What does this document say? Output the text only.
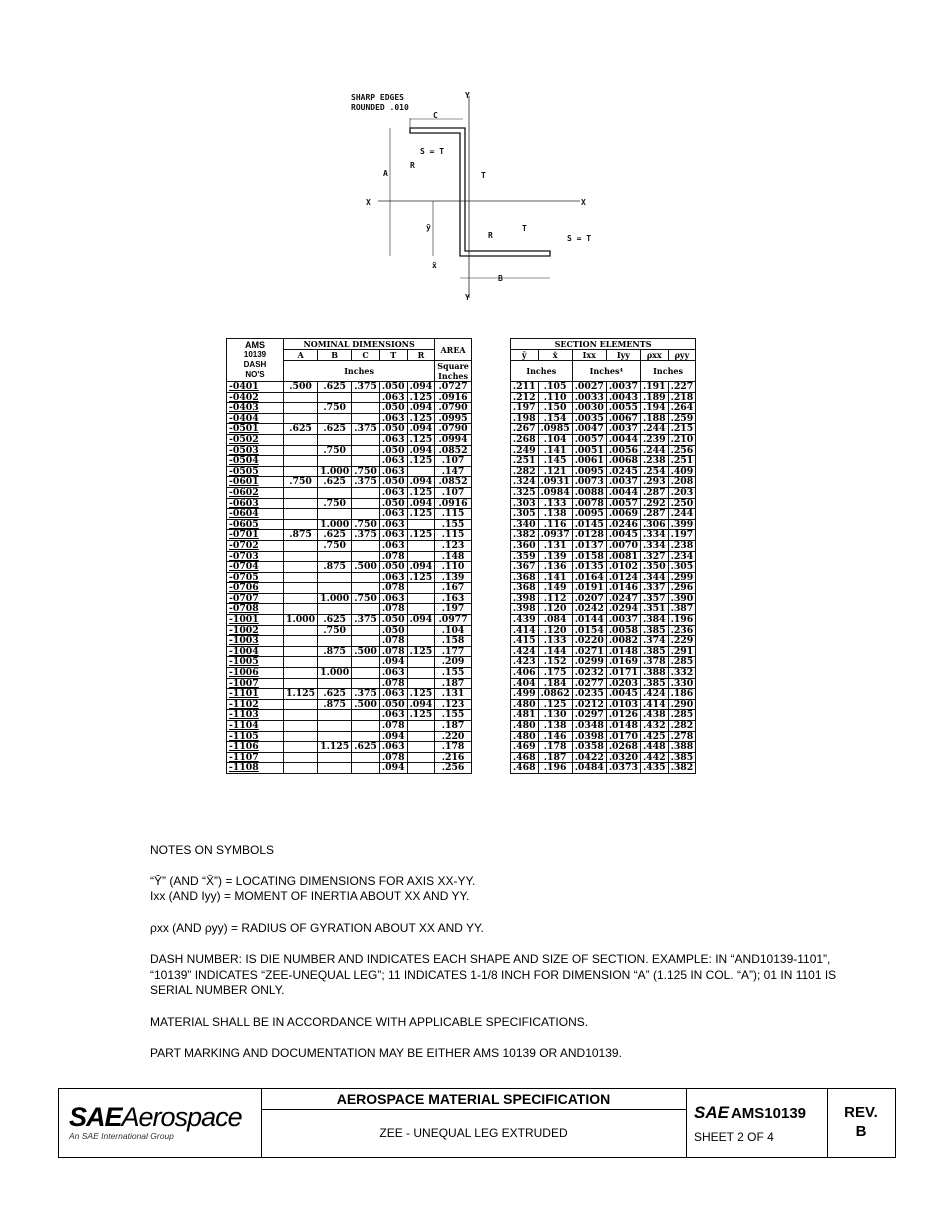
SHARP EDGES
ROUNDED .010
Y
Y
X	X
C
S = T
R
A	T
ȳ
R
T
S = T
x̄
B
AMS
10139
DASH
NO'S	NOMINAL DIMENSIONS					AREA		SECTION ELEMENTS					
	A	B	C	T	R			ȳ	x̄	Ixx	Iyy	ρxx	ρyy
	Inches					Square
Inches		Inches		Inches⁴		Inches	
-0401	.500	.625	.375	.050	.094	.0727		.211	.105	.0027	.0037	.191	.227
-0402				.063	.125	.0916		.212	.110	.0033	.0043	.189	.218
-0403		.750		.050	.094	.0790		.197	.150	.0030	.0055	.194	.264
-0404				.063	.125	.0995		.198	.154	.0035	.0067	.188	.259
-0501	.625	.625	.375	.050	.094	.0790		.267	.0985	.0047	.0037	.244	.215
-0502				.063	.125	.0994		.268	.104	.0057	.0044	.239	.210
-0503		.750		.050	.094	.0852		.249	.141	.0051	.0056	.244	.256
-0504				.063	.125	.107		.251	.145	.0061	.0068	.238	.251
-0505		1.000	.750	.063		.147		.282	.121	.0095	.0245	.254	.409
-0601	.750	.625	.375	.050	.094	.0852		.324	.0931	.0073	.0037	.293	.208
-0602				.063	.125	.107		.325	.0984	.0088	.0044	.287	.203
-0603		.750		.050	.094	.0916		.303	.133	.0078	.0057	.292	.250
-0604				.063	.125	.115		.305	.138	.0095	.0069	.287	.244
-0605		1.000	.750	.063		.155		.340	.116	.0145	.0246	.306	.399
-0701	.875	.625	.375	.063	.125	.115		.382	.0937	.0128	.0045	.334	.197
-0702		.750		.063		.123		.360	.131	.0137	.0070	.334	.238
-0703				.078		.148		.359	.139	.0158	.0081	.327	.234
-0704		.875	.500	.050	.094	.110		.367	.136	.0135	.0102	.350	.305
-0705				.063	.125	.139		.368	.141	.0164	.0124	.344	.299
-0706				.078		.167		.368	.149	.0191	.0146	.337	.296
-0707		1.000	.750	.063		.163		.398	.112	.0207	.0247	.357	.390
-0708				.078		.197		.398	.120	.0242	.0294	.351	.387
-1001	1.000	.625	.375	.050	.094	.0977		.439	.084	.0144	.0037	.384	.196
-1002		.750		.050		.104		.414	.120	.0154	.0058	.385	.236
-1003				.078		.158		.415	.133	.0220	.0082	.374	.229
-1004		.875	.500	.078	.125	.177		.424	.144	.0271	.0148	.385	.291
-1005				.094		.209		.423	.152	.0299	.0169	.378	.285
-1006		1.000		.063		.155		.406	.175	.0232	.0171	.388	.332
-1007				.078		.187		.404	.184	.0277	.0203	.385	.330
-1101	1.125	.625	.375	.063	.125	.131		.499	.0862	.0235	.0045	.424	.186
-1102		.875	.500	.050	.094	.123		.480	.125	.0212	.0103	.414	.290
-1103				.063	.125	.155		.481	.130	.0297	.0126	.438	.285
-1104				.078		.187		.480	.138	.0348	.0148	.432	.282
-1105				.094		.220		.480	.146	.0398	.0170	.425	.278
-1106		1.125	.625	.063		.178		.469	.178	.0358	.0268	.448	.388
-1107				.078		.216		.468	.187	.0422	.0320	.442	.385
-1108				.094		.256		.468	.196	.0484	.0373	.435	.382

NOTES ON SYMBOLS

“Ȳ” (AND “X̄”) = LOCATING DIMENSIONS FOR AXIS XX-YY.

Ixx (AND Iyy) = MOMENT OF INERTIA ABOUT XX AND YY.

ρxx (AND ρyy) = RADIUS OF GYRATION ABOUT XX AND YY.

DASH NUMBER: IS DIE NUMBER AND INDICATES EACH SHAPE AND SIZE OF SECTION. EXAMPLE: IN “AND10139-1101”, “10139” INDICATES “ZEE-UNEQUAL LEG”; 11 INDICATES 1-1/8 INCH FOR DIMENSION “A” (1.125 IN COL. “A”); 01 IN 1101 IS SERIAL NUMBER ONLY.

MATERIAL SHALL BE IN ACCORDANCE WITH APPLICABLE SPECIFICATIONS.

PART MARKING AND DOCUMENTATION MAY BE EITHER AMS 10139 OR AND10139.

SAEAerospace
An SAE International Group
AEROSPACE MATERIAL SPECIFICATION
ZEE - UNEQUAL LEG EXTRUDED
SAE AMS10139
SHEET 2 OF 4
REV.
B
